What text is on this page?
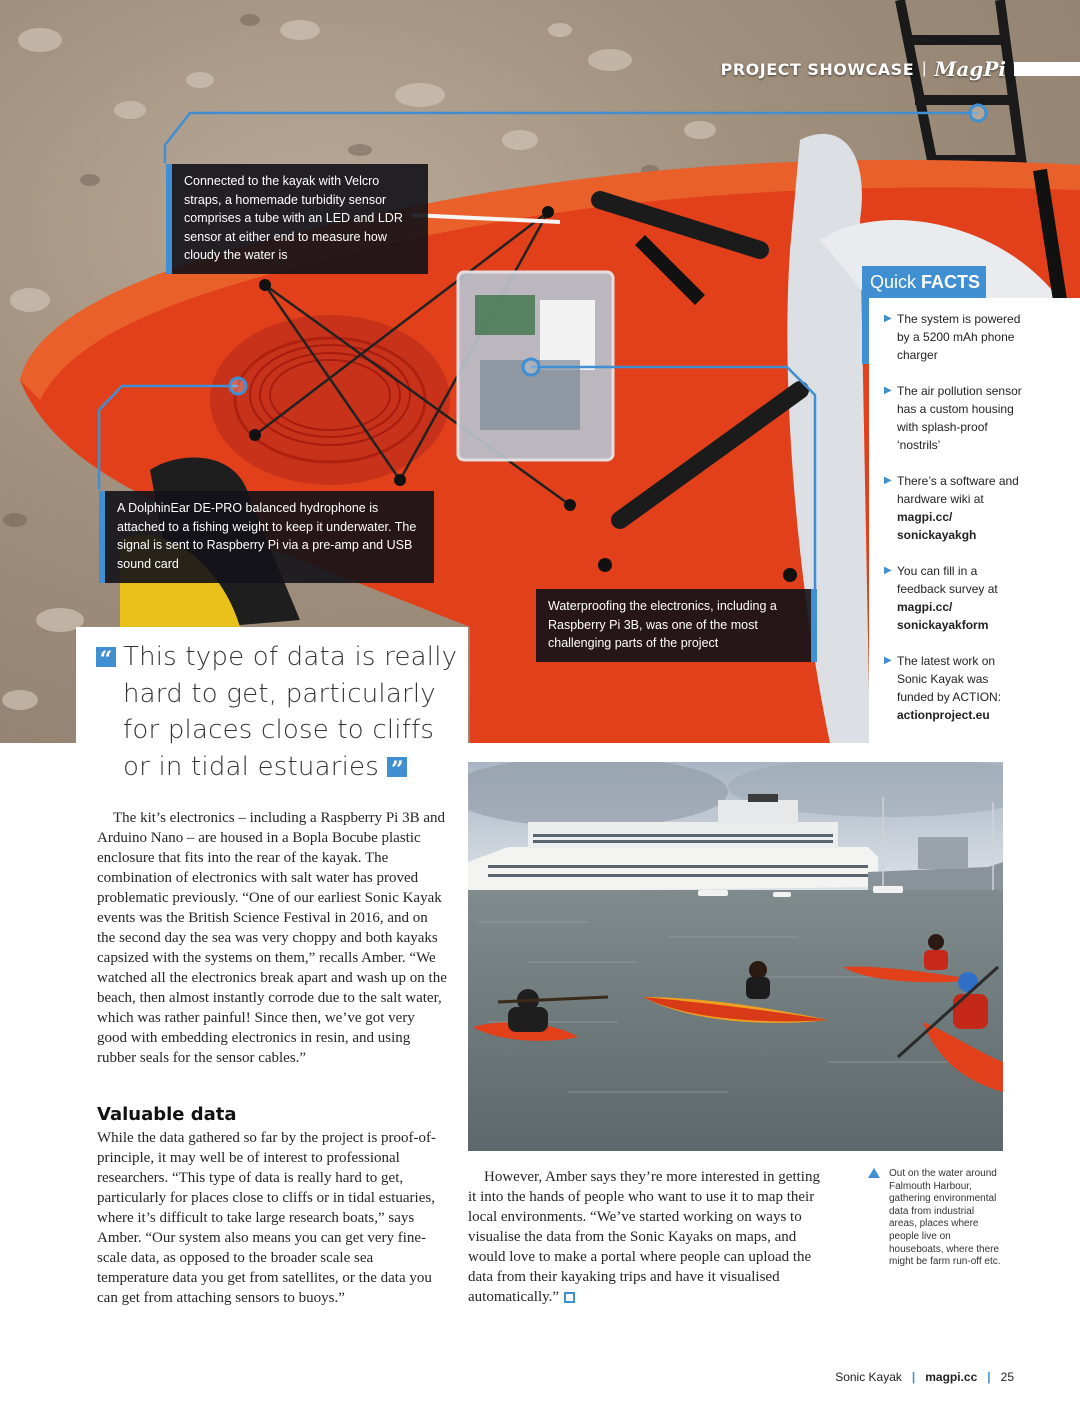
PROJECT SHOWCASE | MagPi
Connected to the kayak with Velcro straps, a homemade turbidity sensor comprises a tube with an LED and LDR sensor at either end to measure how cloudy the water is
A DolphinEar DE-PRO balanced hydrophone is attached to a fishing weight to keep it underwater. The signal is sent to Raspberry Pi via a pre-amp and USB sound card
Waterproofing the electronics, including a Raspberry Pi 3B, was one of the most challenging parts of the project
Quick FACTS
▶ The system is powered by a 5200 mAh phone charger
▶ The air pollution sensor has a custom housing with splash-proof ‘nostrils’
▶ There’s a software and hardware wiki at magpi.cc/ sonickayakgh
▶ You can fill in a feedback survey at magpi.cc/ sonickayakform
▶ The latest work on Sonic Kayak was funded by ACTION: actionproject.eu
“ This type of data is really hard to get, particularly for places close to cliffs or in tidal estuaries ”

The kit’s electronics – including a Raspberry Pi 3B and Arduino Nano – are housed in a Bopla Bocube plastic enclosure that fits into the rear of the kayak. The combination of electronics with salt water has proved problematic previously. “One of our earliest Sonic Kayak events was the British Science Festival in 2016, and on the second day the sea was very choppy and both kayaks capsized with the systems on them,” recalls Amber. “We watched all the electronics break apart and wash up on the beach, then almost instantly corrode due to the salt water, which was rather painful! Since then, we’ve got very good with embedding electronics in resin, and using rubber seals for the sensor cables.”

Valuable data

While the data gathered so far by the project is proof-of-principle, it may well be of interest to professional researchers. “This type of data is really hard to get, particularly for places close to cliffs or in tidal estuaries, where it’s difficult to take large research boats,” says Amber. “Our system also means you can get very fine-scale data, as opposed to the broader scale sea temperature data you get from satellites, or the data you can get from attaching sensors to buoys.”

However, Amber says they’re more interested in getting it into the hands of people who want to use it to map their local environments. “We’ve started working on ways to visualise the data from the Sonic Kayaks on maps, and would love to make a portal where people can upload the data from their kayaking trips and have it visualised automatically.”

Out on the water around Falmouth Harbour, gathering environmental data from industrial areas, places where people live on houseboats, where there might be farm run-off etc.
Sonic Kayak | magpi.cc | 25
